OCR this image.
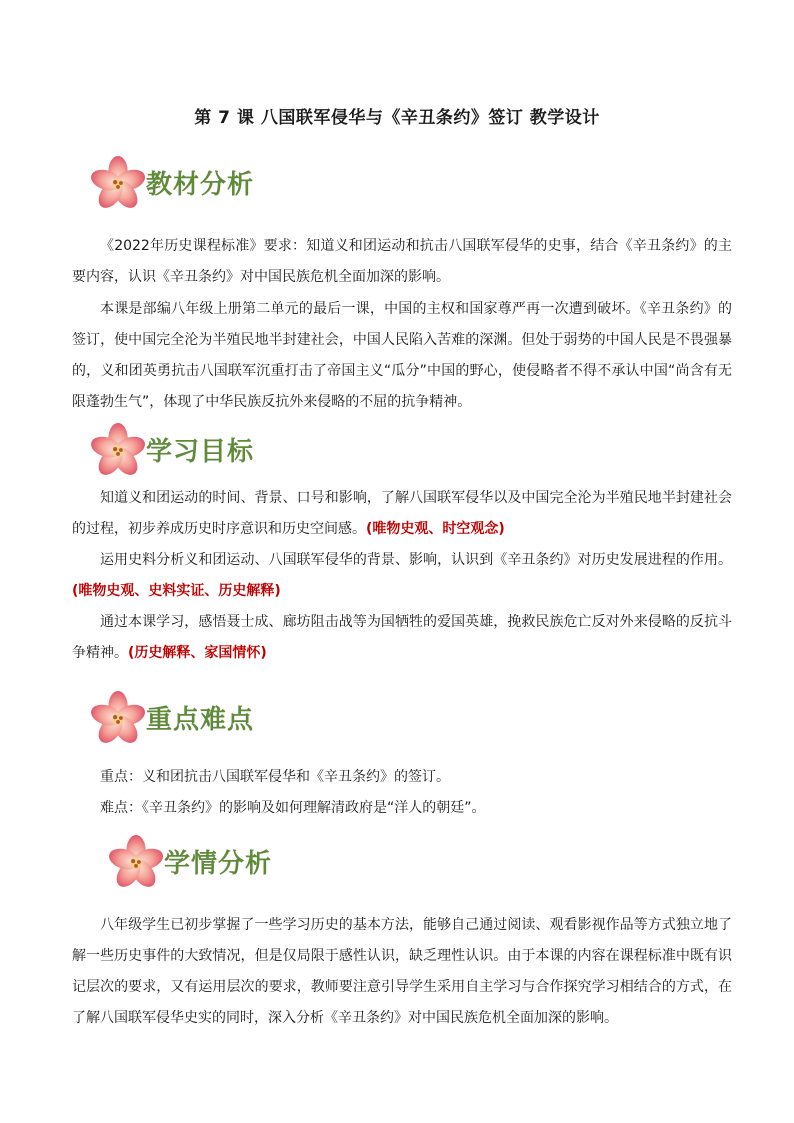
第 7 课 八国联军侵华与《辛丑条约》签订 教学设计
教材分析

《2022年历史课程标准》要求：知道义和团运动和抗击八国联军侵华的史事，结合《辛丑条约》的主要内容，认识《辛丑条约》对中国民族危机全面加深的影响。

本课是部编八年级上册第二单元的最后一课，中国的主权和国家尊严再一次遭到破坏。《辛丑条约》的签订，使中国完全沦为半殖民地半封建社会，中国人民陷入苦难的深渊。但处于弱势的中国人民是不畏强暴的，义和团英勇抗击八国联军沉重打击了帝国主义“瓜分”中国的野心，使侵略者不得不承认中国“尚含有无限蓬勃生气”，体现了中华民族反抗外来侵略的不屈的抗争精神。

学习目标

知道义和团运动的时间、背景、口号和影响，了解八国联军侵华以及中国完全沦为半殖民地半封建社会的过程，初步养成历史时序意识和历史空间感。(唯物史观、时空观念)

运用史料分析义和团运动、八国联军侵华的背景、影响，认识到《辛丑条约》对历史发展进程的作用。(唯物史观、史料实证、历史解释)

通过本课学习，感悟聂士成、廊坊阻击战等为国牺牲的爱国英雄，挽救民族危亡反对外来侵略的反抗斗争精神。(历史解释、家国情怀)

重点难点
重点：义和团抗击八国联军侵华和《辛丑条约》的签订。
难点：《辛丑条约》的影响及如何理解清政府是“洋人的朝廷”。
学情分析

八年级学生已初步掌握了一些学习历史的基本方法，能够自己通过阅读、观看影视作品等方式独立地了解一些历史事件的大致情况，但是仅局限于感性认识，缺乏理性认识。由于本课的内容在课程标准中既有识记层次的要求，又有运用层次的要求，教师要注意引导学生采用自主学习与合作探究学习相结合的方式，在了解八国联军侵华史实的同时，深入分析《辛丑条约》对中国民族危机全面加深的影响。
